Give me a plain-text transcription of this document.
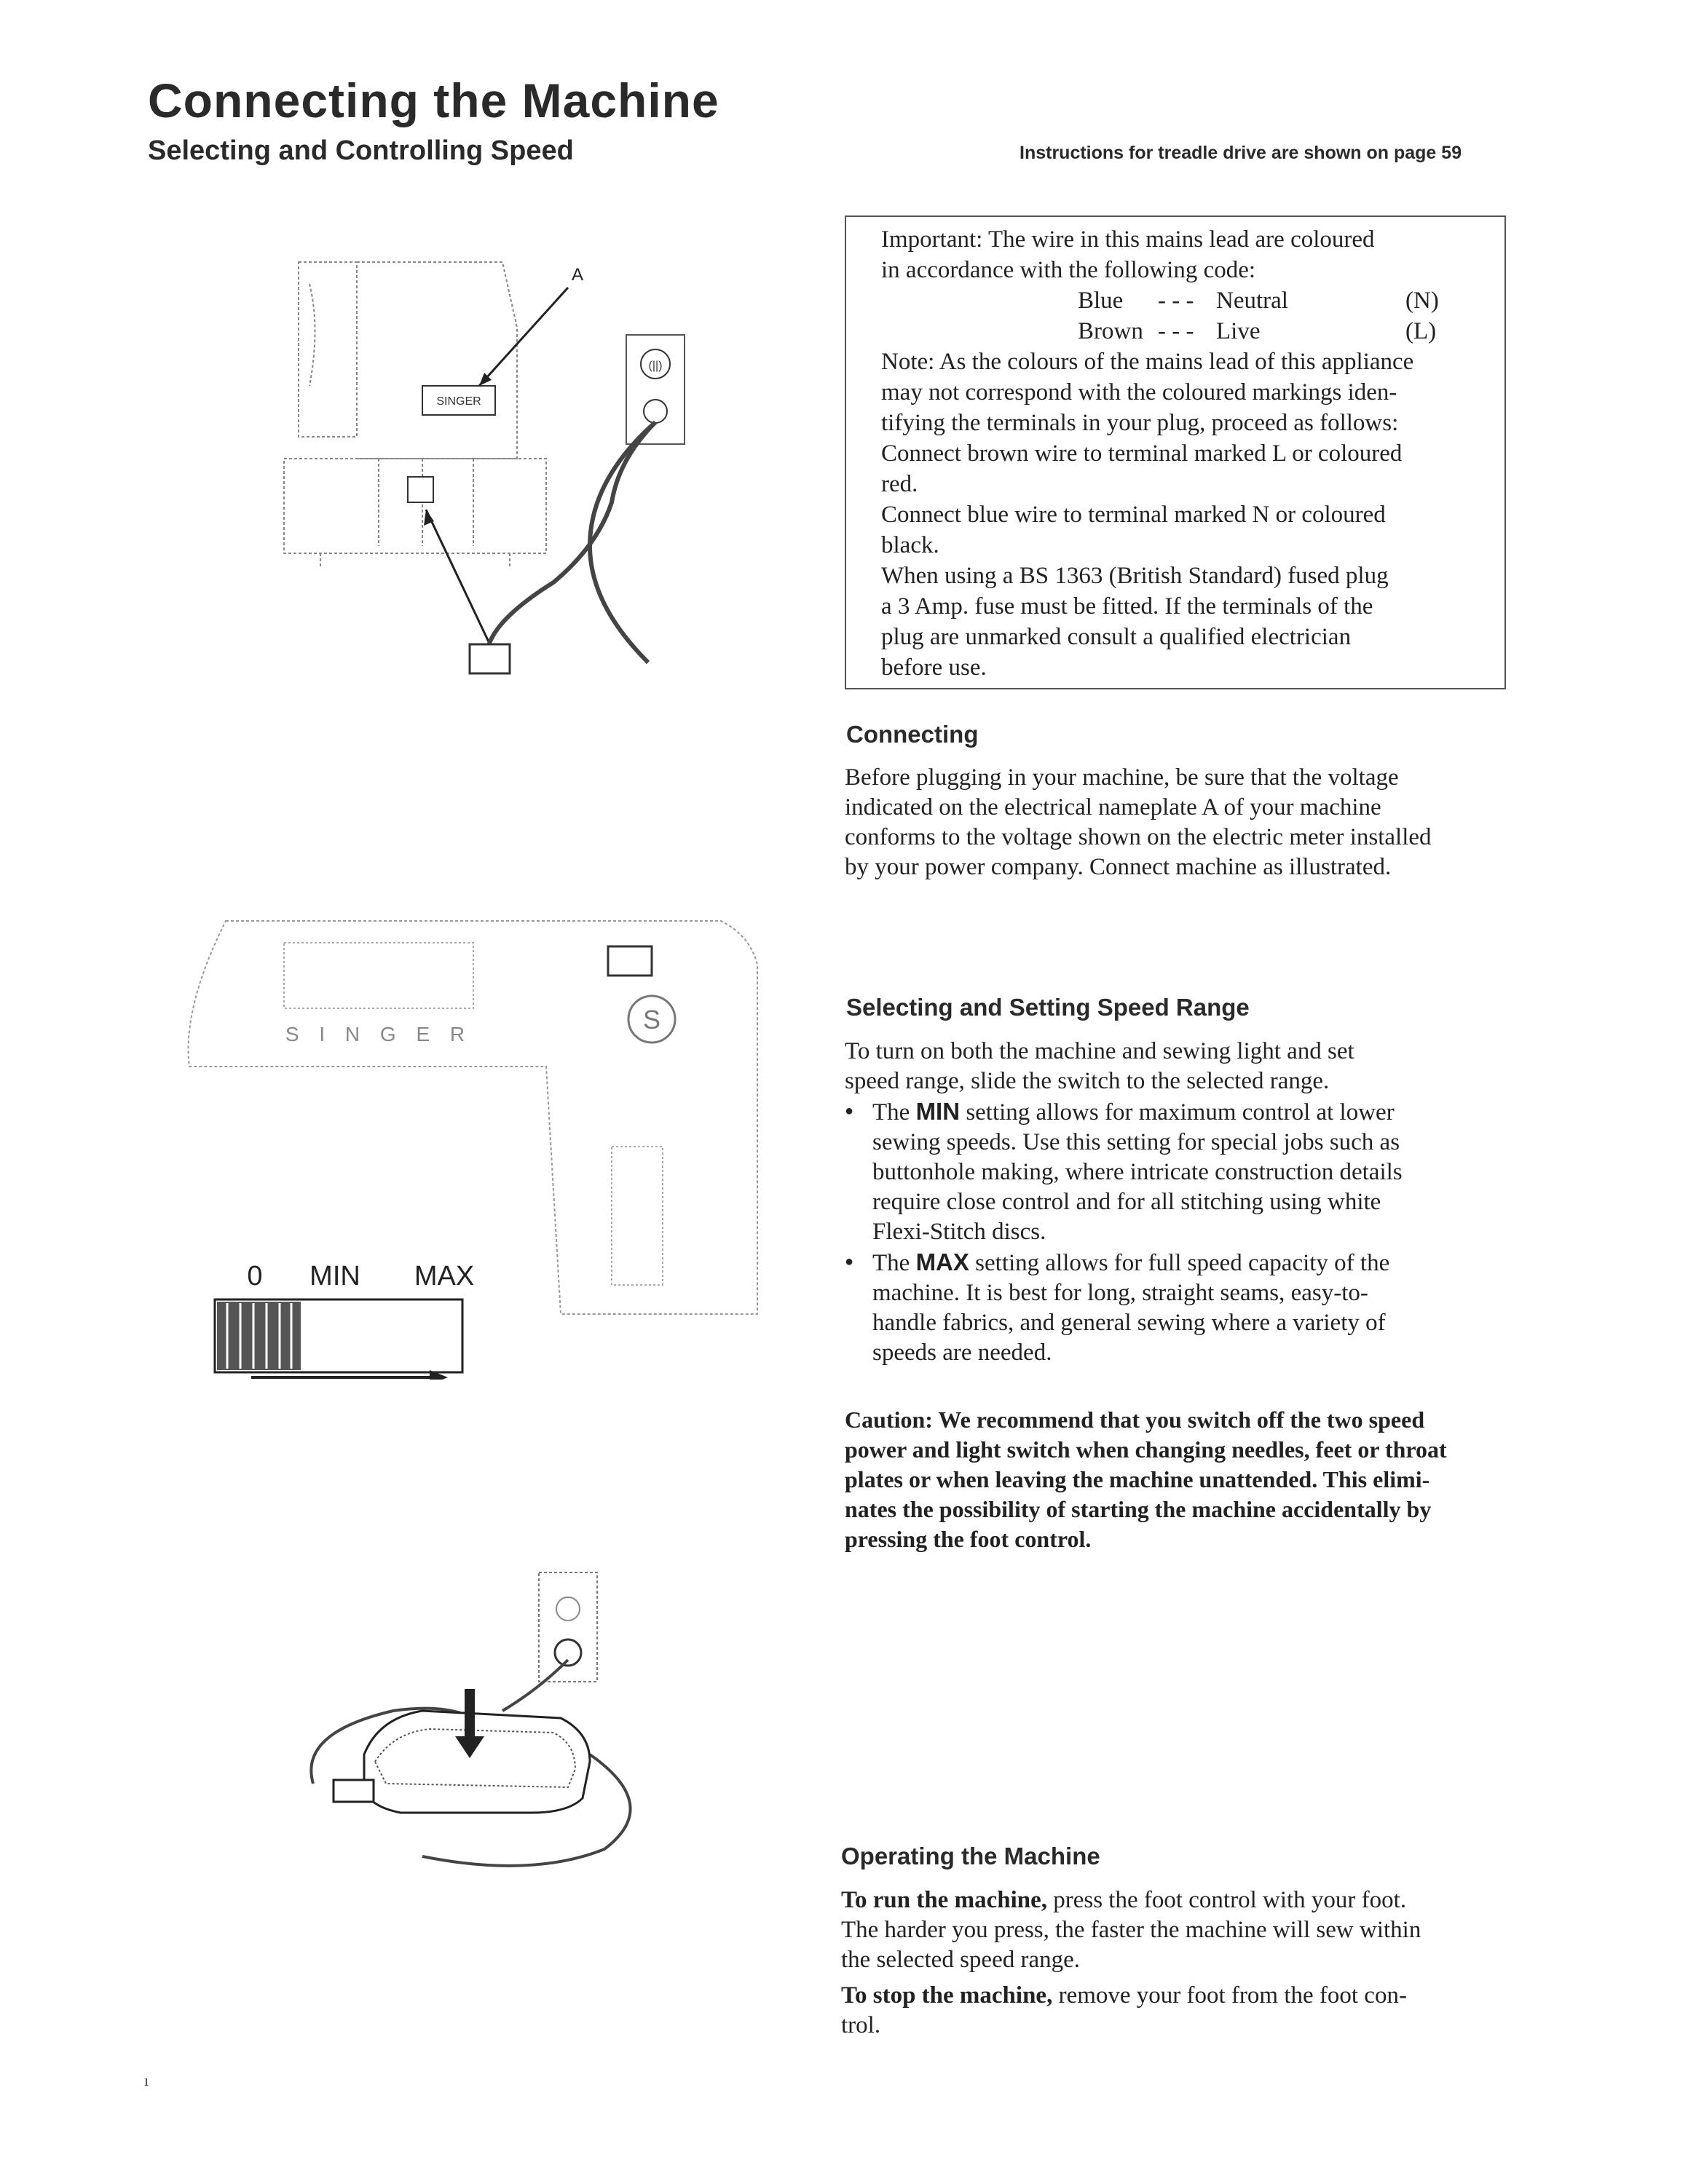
Connecting the Machine
Selecting and Controlling Speed	Instructions for treadle drive are shown on page 59
Important: The wire in this mains lead are coloured
in accordance with the following code:
Blue - - - Neutral	(N)
Brown - - - Live	(L)
Note: As the colours of the mains lead of this appliance
may not correspond with the coloured markings iden-
tifying the terminals in your plug, proceed as follows:
Connect brown wire to terminal marked L or coloured
red.
Connect blue wire to terminal marked N or coloured
black.
When using a BS 1363 (British Standard) fused plug
a 3 Amp. fuse must be fitted. If the terminals of the
plug are unmarked consult a qualified electrician
before use.
Connecting
Before plugging in your machine, be sure that the voltage
indicated on the electrical nameplate A of your machine
conforms to the voltage shown on the electric meter installed
by your power company. Connect machine as illustrated.
Selecting and Setting Speed Range
To turn on both the machine and sewing light and set
speed range, slide the switch to the selected range.
● The MIN setting allows for maximum control at lower
sewing speeds. Use this setting for special jobs such as
buttonhole making, where intricate construction details
require close control and for all stitching using white
Flexi-Stitch discs.
● The MAX setting allows for full speed capacity of the
machine. It is best for long, straight seams, easy-to-
handle fabrics, and general sewing where a variety of
speeds are needed.
Caution: We recommend that you switch off the two speed
power and light switch when changing needles, feet or throat
plates or when leaving the machine unattended. This elimi-
nates the possibility of starting the machine accidentally by
pressing the foot control.
Operating the Machine
To run the machine, press the foot control with your foot.
The harder you press, the faster the machine will sew within
the selected speed range.
To stop the machine, remove your foot from the foot con-
trol.
SINGER
A
(||)
S I N G E R	S
0 MIN MAX
ı
